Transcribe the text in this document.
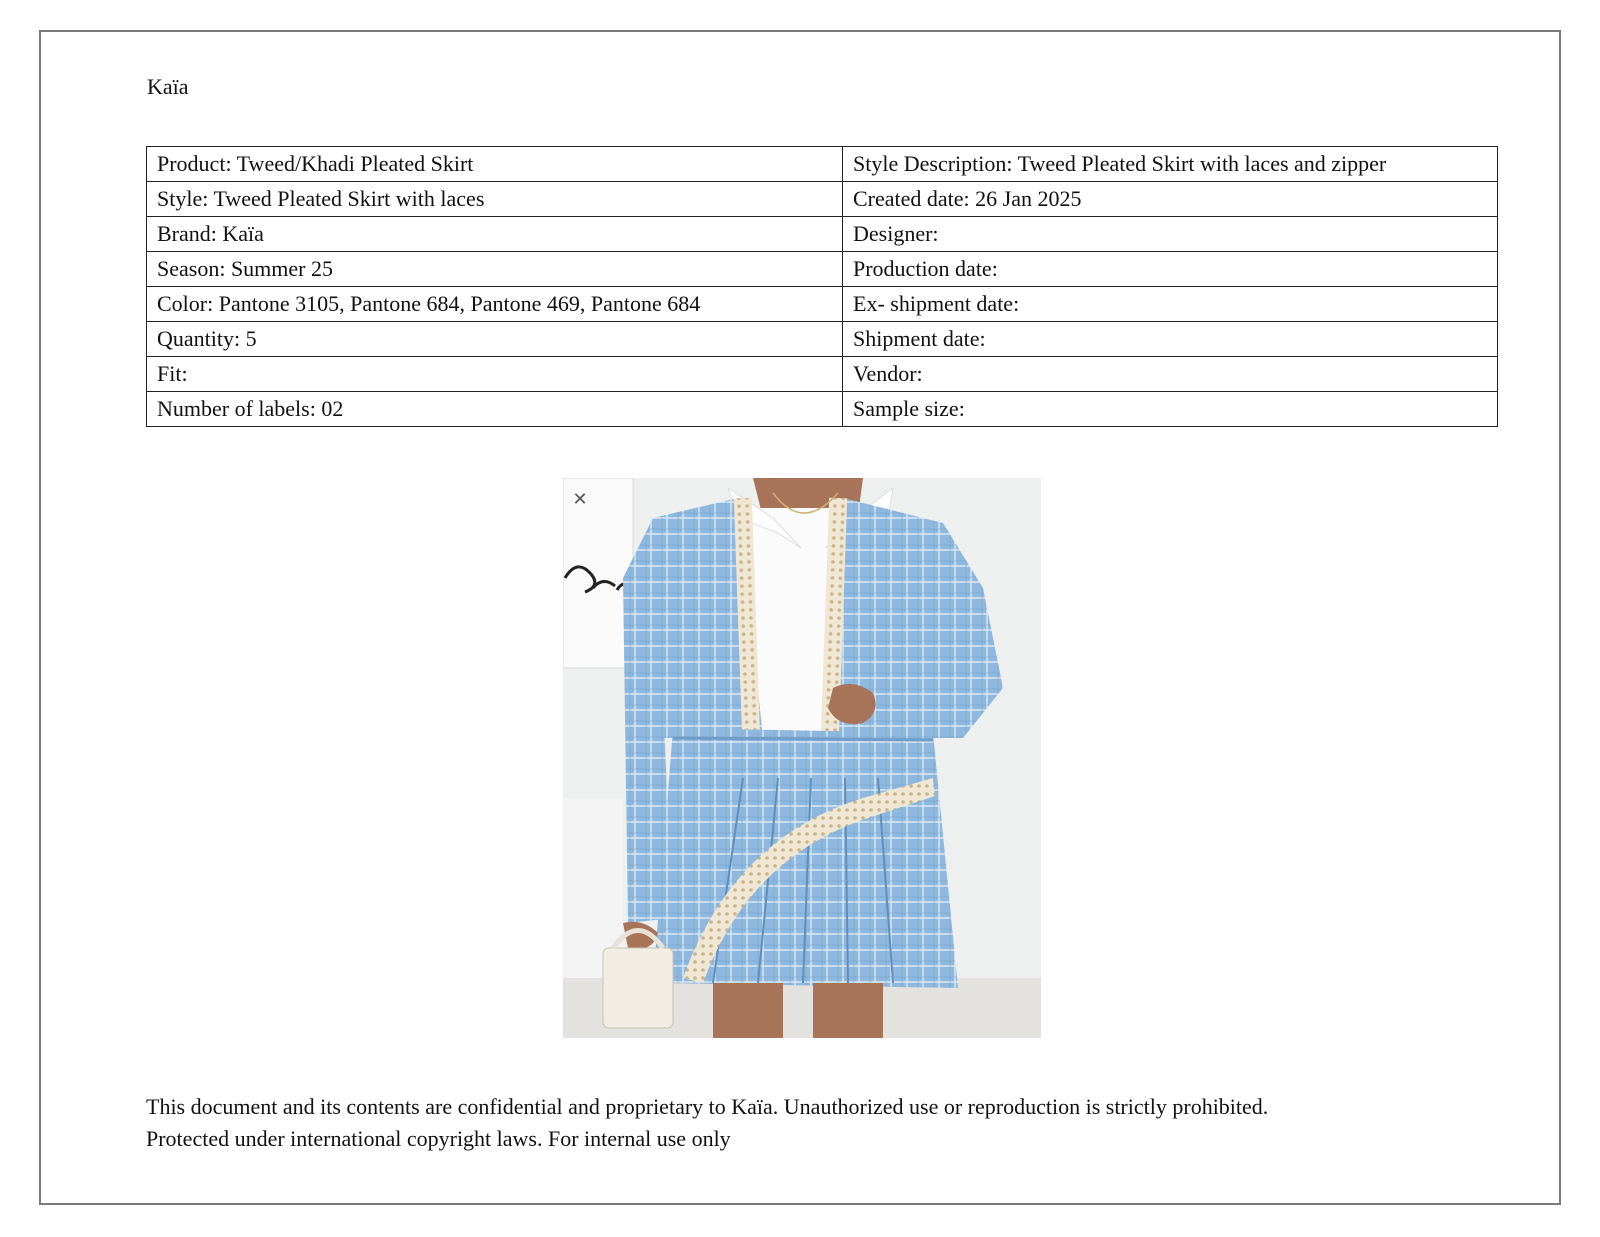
Kaïa
Product: Tweed/Khadi Pleated Skirt	Style Description: Tweed Pleated Skirt with laces and zipper
Style: Tweed Pleated Skirt with laces	Created date: 26 Jan 2025
Brand: Kaïa	Designer:
Season: Summer 25	Production date:
Color: Pantone 3105, Pantone 684, Pantone 469, Pantone 684	Ex- shipment date:
Quantity: 5	Shipment date:
Fit:	Vendor:
Number of labels: 02	Sample size:
✕
This document and its contents are confidential and proprietary to Kaïa. Unauthorized use or reproduction is strictly prohibited.
Protected under international copyright laws. For internal use only
